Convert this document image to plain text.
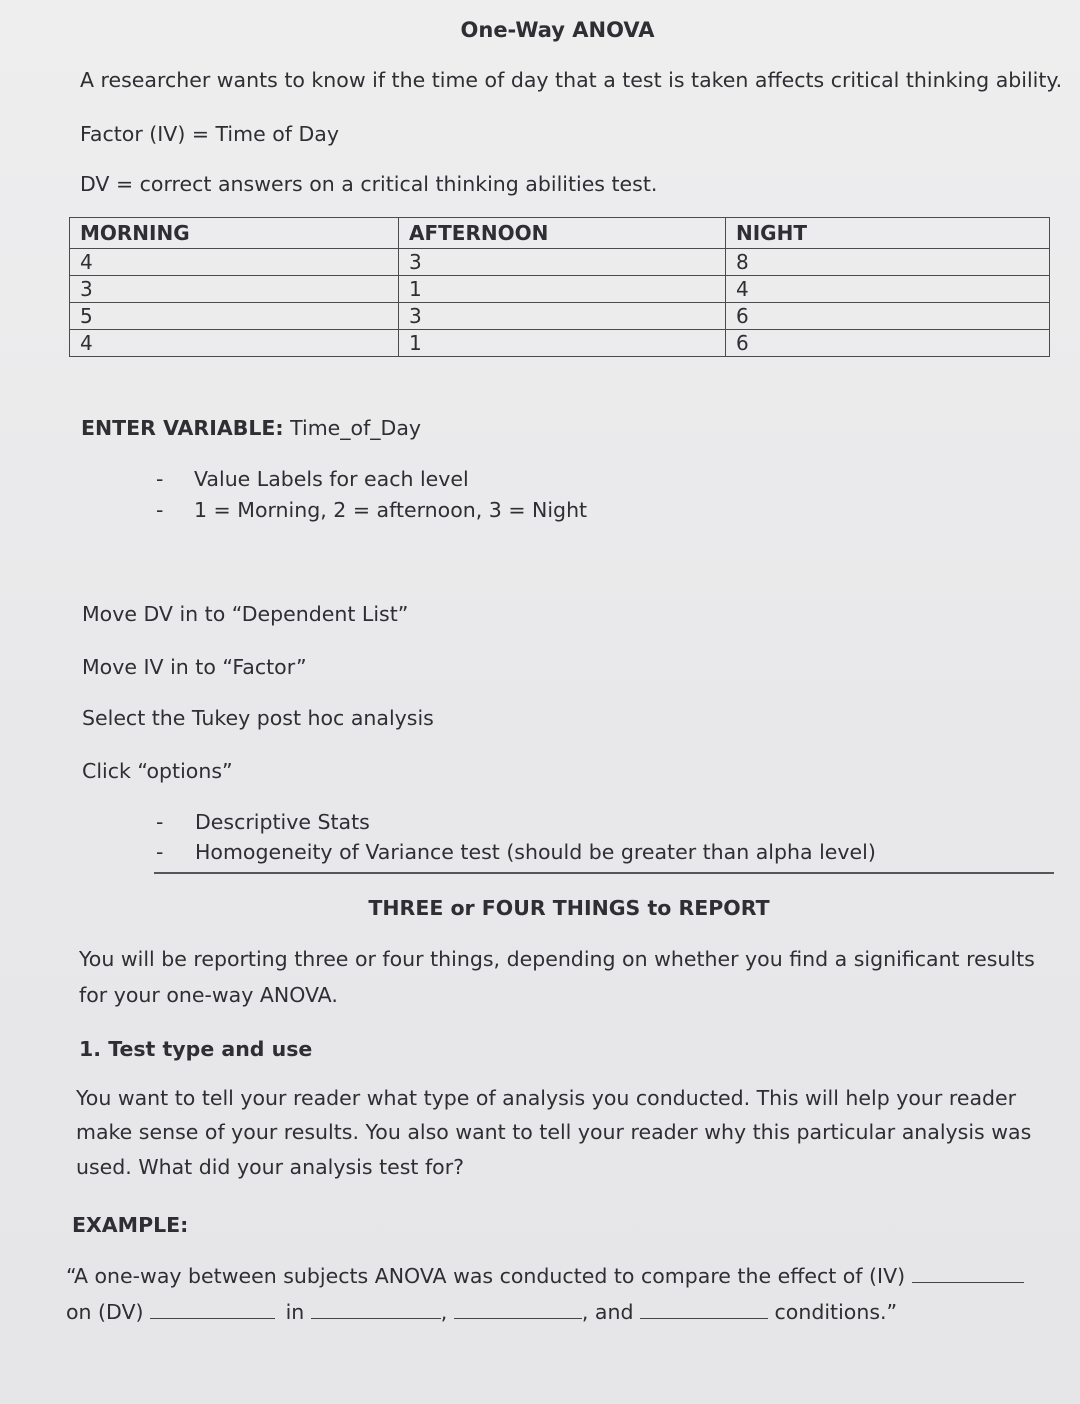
One-Way ANOVA
A researcher wants to know if the time of day that a test is taken affects critical thinking ability.
Factor (IV) = Time of Day
DV = correct answers on a critical thinking abilities test.
MORNING	AFTERNOON	NIGHT
4	3	8
3	1	4
5	3	6
4	1	6
ENTER VARIABLE: Time_of_Day
- Value Labels for each level
- 1 = Morning, 2 = afternoon, 3 = Night
Move DV in to “Dependent List”
Move IV in to “Factor”
Select the Tukey post hoc analysis
Click “options”
- Descriptive Stats
- Homogeneity of Variance test (should be greater than alpha level)
THREE or FOUR THINGS to REPORT
You will be reporting three or four things, depending on whether you find a significant results
for your one-way ANOVA.
1. Test type and use
You want to tell your reader what type of analysis you conducted. This will help your reader
make sense of your results. You also want to tell your reader why this particular analysis was
used. What did your analysis test for?
EXAMPLE:
“A one-way between subjects ANOVA was conducted to compare the effect of (IV)
on (DV)	in	,	, and	conditions.”
